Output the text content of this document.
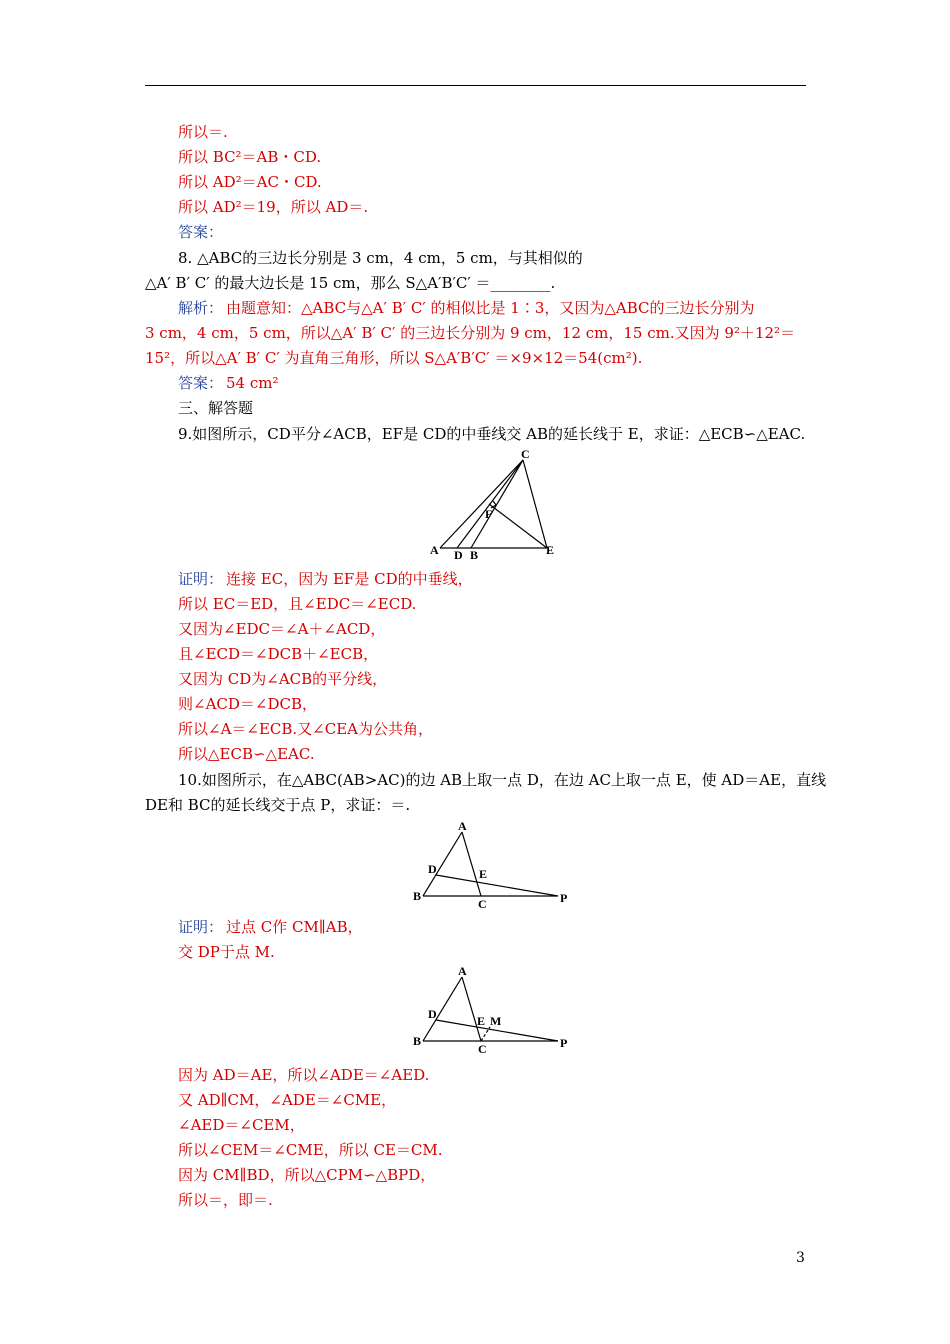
所以＝.
所以 BC²＝AB・CD.
所以 AD²＝AC・CD.
所以 AD²＝19，所以 AD＝.
答案：
8. △ABC的三边长分别是 3 cm，4 cm，5 cm，与其相似的
△A′ B′ C′ 的最大边长是 15 cm，那么 S△A′B′C′ ＝________.
解析： 由题意知：△ABC与△A′ B′ C′ 的相似比是 1∶3，又因为△ABC的三边长分别为
3 cm，4 cm，5 cm，所以△A′ B′ C′ 的三边长分别为 9 cm，12 cm，15 cm.又因为 9²＋12²＝
15²，所以△A′ B′ C′ 为直角三角形，所以 S△A′B′C′ ＝×9×12＝54(cm²).
答案： 54 cm²
三、解答题
9.如图所示，CD平分∠ACB，EF是 CD的中垂线交 AB的延长线于 E，求证：△ECB∽△EAC.
证明： 连接 EC，因为 EF是 CD的中垂线，
所以 EC＝ED，且∠EDC＝∠ECD.
又因为∠EDC＝∠A＋∠ACD，
且∠ECD＝∠DCB＋∠ECB，
又因为 CD为∠ACB的平分线，
则∠ACD＝∠DCB，
所以∠A＝∠ECB.又∠CEA为公共角，
所以△ECB∽△EAC.
10.如图所示，在△ABC(AB>AC)的边 AB上取一点 D，在边 AC上取一点 E，使 AD＝AE，直线
DE和 BC的延长线交于点 P，求证：＝.
证明： 过点 C作 CM∥AB，
交 DP于点 M.
因为 AD＝AE，所以∠ADE＝∠AED.
又 AD∥CM，∠ADE＝∠CME，
∠AED＝∠CEM，
所以∠CEM＝∠CME，所以 CE＝CM.
因为 CM∥BD，所以△CPM∽△BPD，
所以＝，即＝.
C
F
A D B	E
A
D	E
B
C	P
A
D	E M
B
C	P
3
